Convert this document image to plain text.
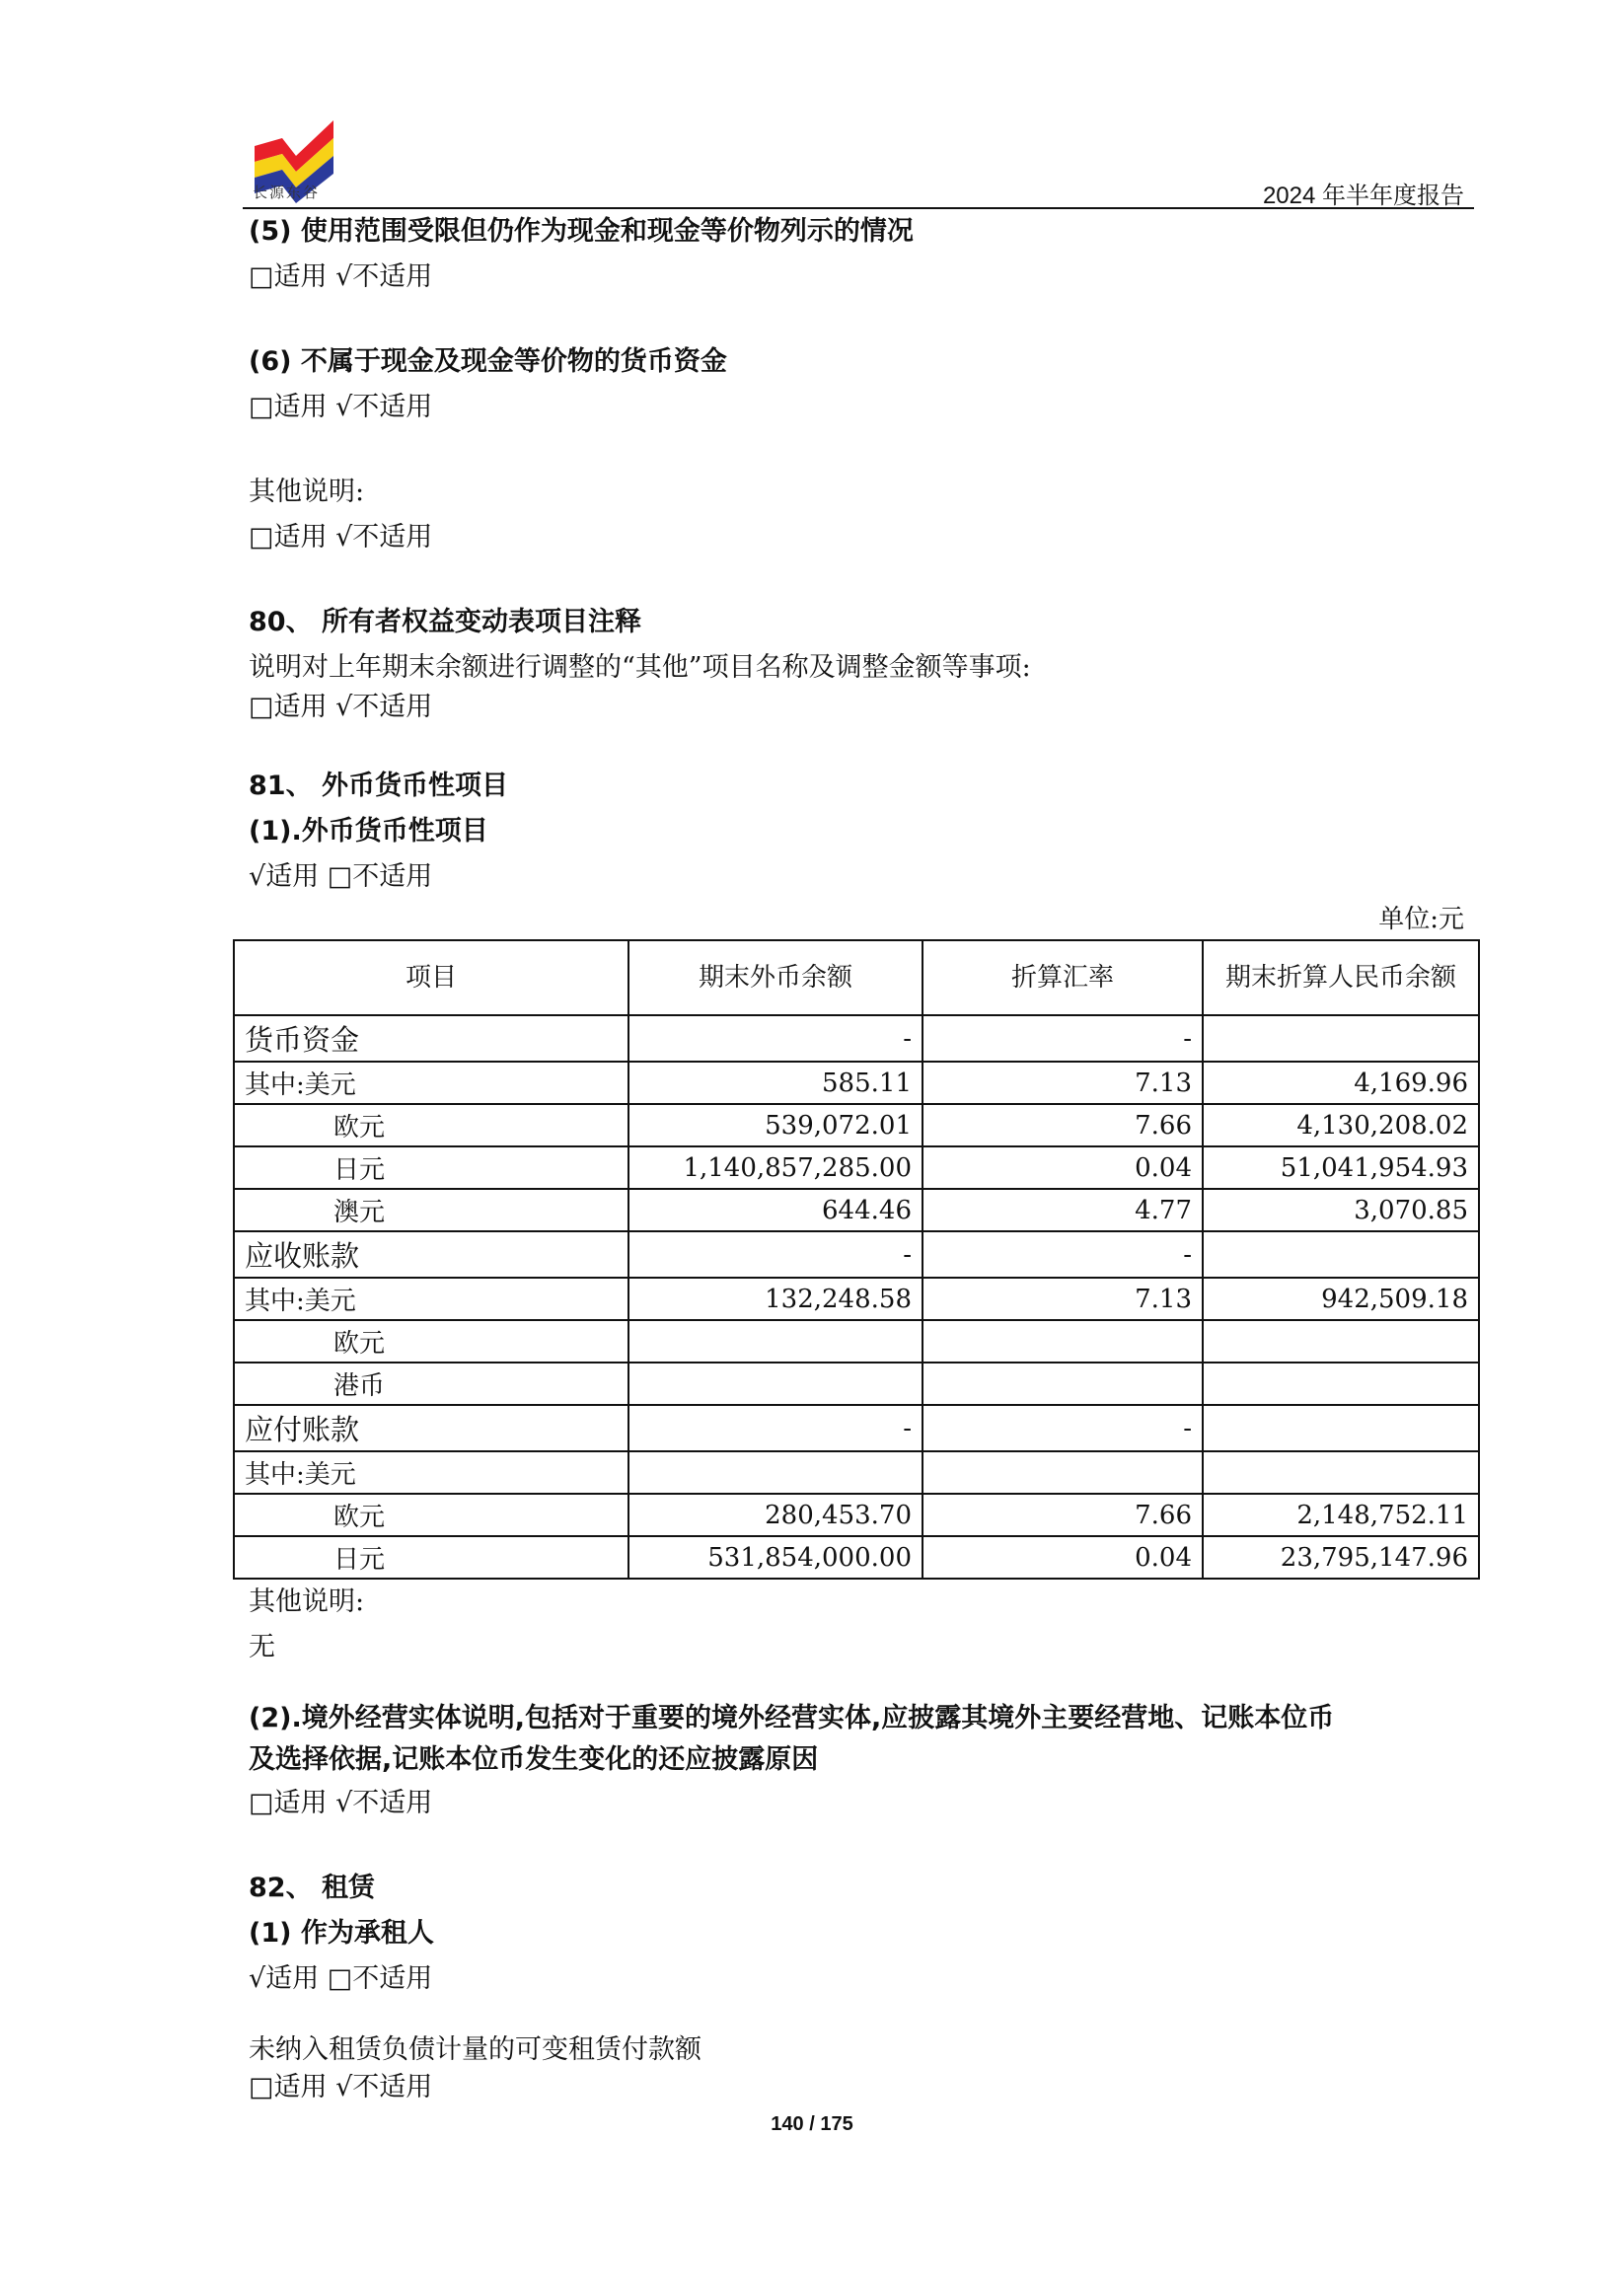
长源东谷	2024 年半年度报告
(5) 使用范围受限但仍作为现金和现金等价物列示的情况
□适用 √不适用
(6) 不属于现金及现金等价物的货币资金
□适用 √不适用
其他说明:
□适用 √不适用
80、 所有者权益变动表项目注释
说明对上年期末余额进行调整的“其他”项目名称及调整金额等事项:
□适用 √不适用
81、 外币货币性项目
(1).外币货币性项目
√适用 □不适用
单位:元
项目	期末外币余额	折算汇率	期末折算人民币余额
货币资金	-	-	
其中:美元	585.11	7.13	4,169.96
欧元	539,072.01	7.66	4,130,208.02
日元	1,140,857,285.00	0.04	51,041,954.93
澳元	644.46	4.77	3,070.85
应收账款	-	-	
其中:美元	132,248.58	7.13	942,509.18
欧元			
港币			
应付账款	-	-	
其中:美元			
欧元	280,453.70	7.66	2,148,752.11
日元	531,854,000.00	0.04	23,795,147.96
其他说明:
无
(2).境外经营实体说明,包括对于重要的境外经营实体,应披露其境外主要经营地、记账本位币
及选择依据,记账本位币发生变化的还应披露原因
□适用 √不适用
82、 租赁
(1) 作为承租人
√适用 □不适用
未纳入租赁负债计量的可变租赁付款额
□适用 √不适用
140 / 175
